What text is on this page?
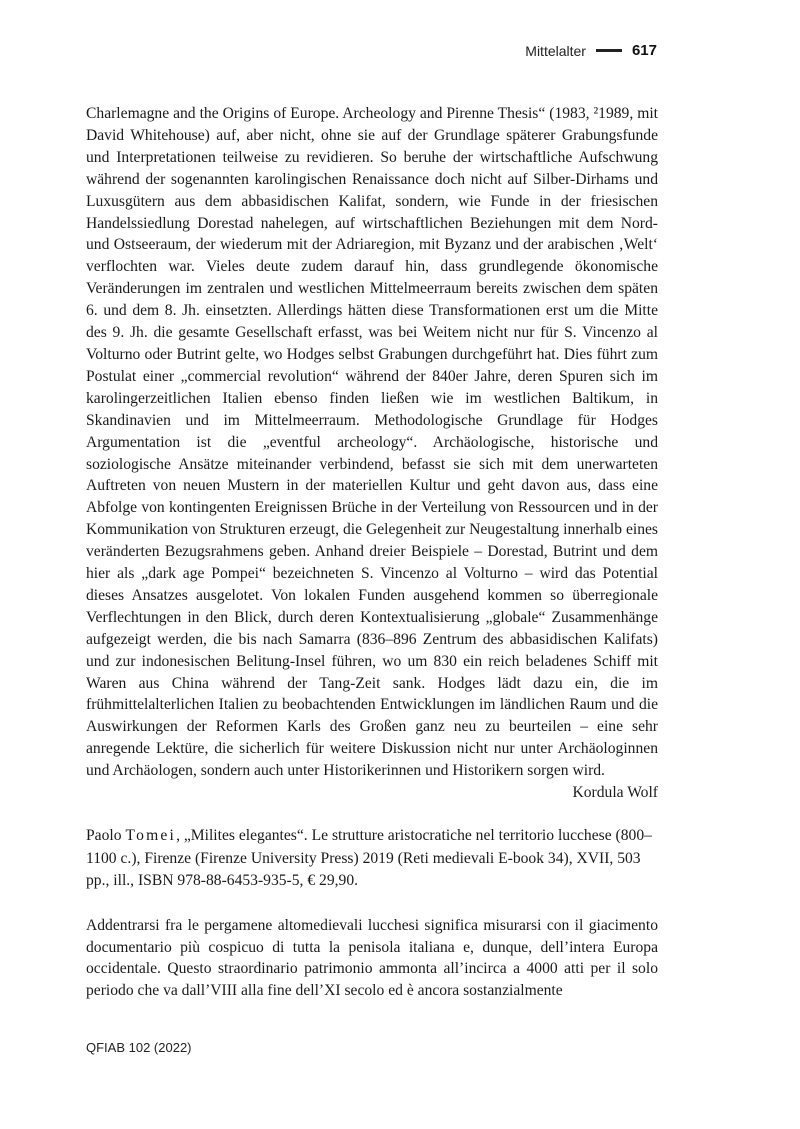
Mittelalter	617

Charlemagne and the Origins of Europe. Archeology and Pirenne Thesis“ (1983, ²1989, mit David Whitehouse) auf, aber nicht, ohne sie auf der Grundlage späterer Grabungsfunde und Interpretationen teilweise zu revidieren. So beruhe der wirtschaftliche Aufschwung während der sogenannten karolingischen Renaissance doch nicht auf Silber-Dirhams und Luxusgütern aus dem abbasidischen Kalifat, sondern, wie Funde in der friesischen Handelssiedlung Dorestad nahelegen, auf wirtschaftlichen Beziehungen mit dem Nord- und Ostseeraum, der wiederum mit der Adriaregion, mit Byzanz und der arabischen ‚Welt‘ verflochten war. Vieles deute zudem darauf hin, dass grundlegende ökonomische Veränderungen im zentralen und westlichen Mittelmeerraum bereits zwischen dem späten 6. und dem 8. Jh. einsetzten. Allerdings hätten diese Transformationen erst um die Mitte des 9. Jh. die gesamte Gesellschaft erfasst, was bei Weitem nicht nur für S. Vincenzo al Volturno oder Butrint gelte, wo Hodges selbst Grabungen durchgeführt hat. Dies führt zum Postulat einer „commercial revolution“ während der 840er Jahre, deren Spuren sich im karolingerzeitlichen Italien ebenso finden ließen wie im westlichen Baltikum, in Skandinavien und im Mittelmeerraum. Methodologische Grundlage für Hodges Argumentation ist die „eventful archeology“. Archäologische, historische und soziologische Ansätze miteinander verbindend, befasst sie sich mit dem unerwarteten Auftreten von neuen Mustern in der materiellen Kultur und geht davon aus, dass eine Abfolge von kontingenten Ereignissen Brüche in der Verteilung von Ressourcen und in der Kommunikation von Strukturen erzeugt, die Gelegenheit zur Neugestaltung innerhalb eines veränderten Bezugsrahmens geben. Anhand dreier Beispiele – Dorestad, Butrint und dem hier als „dark age Pompei“ bezeichneten S. Vincenzo al Volturno – wird das Potential dieses Ansatzes ausgelotet. Von lokalen Funden ausgehend kommen so überregionale Verflechtungen in den Blick, durch deren Kontextualisierung „globale“ Zusammenhänge aufgezeigt werden, die bis nach Samarra (836–896 Zentrum des abbasidischen Kalifats) und zur indonesischen Belitung-Insel führen, wo um 830 ein reich beladenes Schiff mit Waren aus China während der Tang-Zeit sank. Hodges lädt dazu ein, die im frühmittelalterlichen Italien zu beobachtenden Entwicklungen im ländlichen Raum und die Auswirkungen der Reformen Karls des Großen ganz neu zu beurteilen – eine sehr anregende Lektüre, die sicherlich für weitere Diskussion nicht nur unter Archäologinnen und Archäologen, sondern auch unter Historikerinnen und Historikern sorgen wird.
Kordula Wolf

Paolo Tomei, „Milites elegantes“. Le strutture aristocratiche nel territorio lucchese (800–1100 c.), Firenze (Firenze University Press) 2019 (Reti medievali E-book 34), XVII, 503 pp., ill., ISBN 978-88-6453-935-5, € 29,90.

Addentrarsi fra le pergamene altomedievali lucchesi significa misurarsi con il giacimento documentario più cospicuo di tutta la penisola italiana e, dunque, dell’intera Europa occidentale. Questo straordinario patrimonio ammonta all’incirca a 4000 atti per il solo periodo che va dall’VIII alla fine dell’XI secolo ed è ancora sostanzialmente

QFIAB 102 (2022)
